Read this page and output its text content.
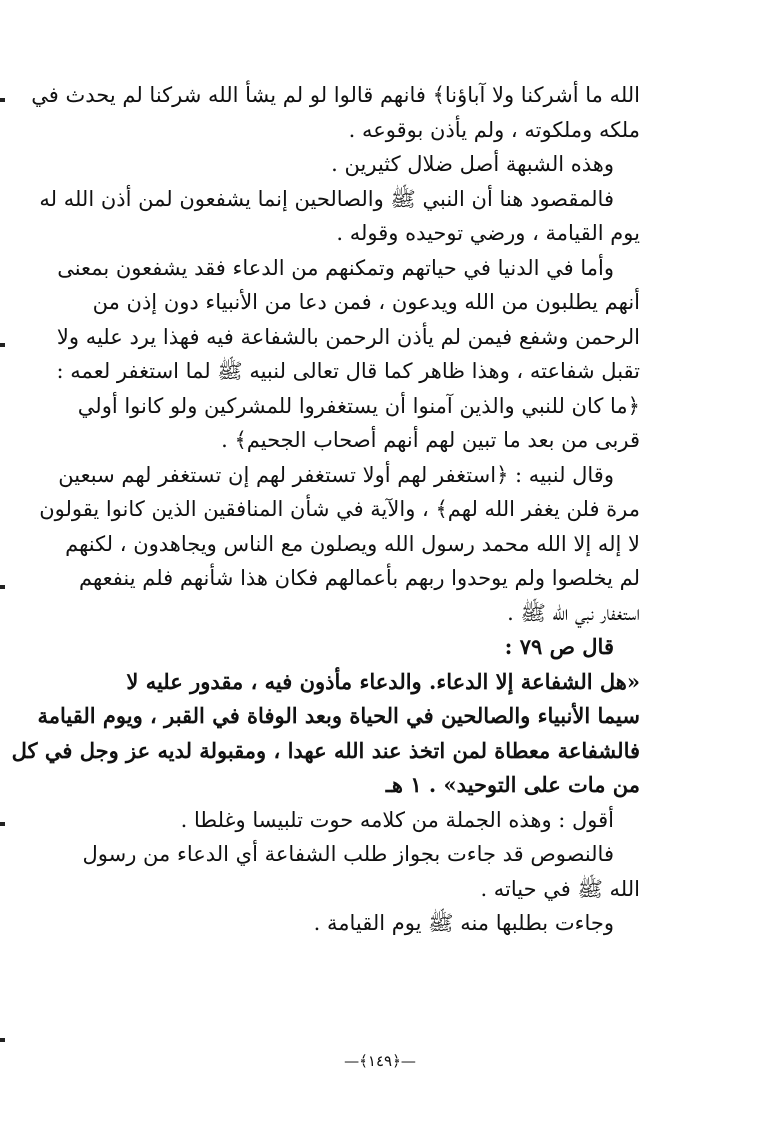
الله ما أشركنا ولا آباؤنا﴾ فانهم قالوا لو لم يشأ الله شركنا لم يحدث في
ملكه وملكوته ، ولم يأذن بوقوعه .
وهذه الشبهة أصل ضلال كثيرين .
فالمقصود هنا أن النبي ﷺ والصالحين إنما يشفعون لمن أذن الله له
يوم القيامة ، ورضي توحيده وقوله .
وأما في الدنيا في حياتهم وتمكنهم من الدعاء فقد يشفعون بمعنى
أنهم يطلبون من الله ويدعون ، فمن دعا من الأنبياء دون إذن من
الرحمن وشفع فيمن لم يأذن الرحمن بالشفاعة فيه فهذا يرد عليه ولا
تقبل شفاعته ، وهذا ظاهر كما قال تعالى لنبيه ﷺ لما استغفر لعمه :
﴿ما كان للنبي والذين آمنوا أن يستغفروا للمشركين ولو كانوا أولي
قربى من بعد ما تبين لهم أنهم أصحاب الجحيم﴾ .
وقال لنبيه : ﴿استغفر لهم أولا تستغفر لهم إن تستغفر لهم سبعين
مرة فلن يغفر الله لهم﴾ ، والآية في شأن المنافقين الذين كانوا يقولون
لا إله إلا الله محمد رسول الله ويصلون مع الناس ويجاهدون ، لكنهم
لم يخلصوا ولم يوحدوا ربهم بأعمالهم فكان هذا شأنهم فلم ينفعهم
استغفار نبي الله ﷺ .
قال ص ٧٩ :
«هل الشفاعة إلا الدعاء. والدعاء مأذون فيه ، مقدور عليه لا
سيما الأنبياء والصالحين في الحياة وبعد الوفاة في القبر ، ويوم القيامة
فالشفاعة معطاة لمن اتخذ عند الله عهدا ، ومقبولة لديه عز وجل في كل
من مات على التوحيد» . ١ هـ
أقول : وهذه الجملة من كلامه حوت تلبيسا وغلطا .
فالنصوص قد جاءت بجواز طلب الشفاعة أي الدعاء من رسول
الله ﷺ في حياته .
وجاءت بطلبها منه ﷺ يوم القيامة .
—﴿١٤٩﴾—
